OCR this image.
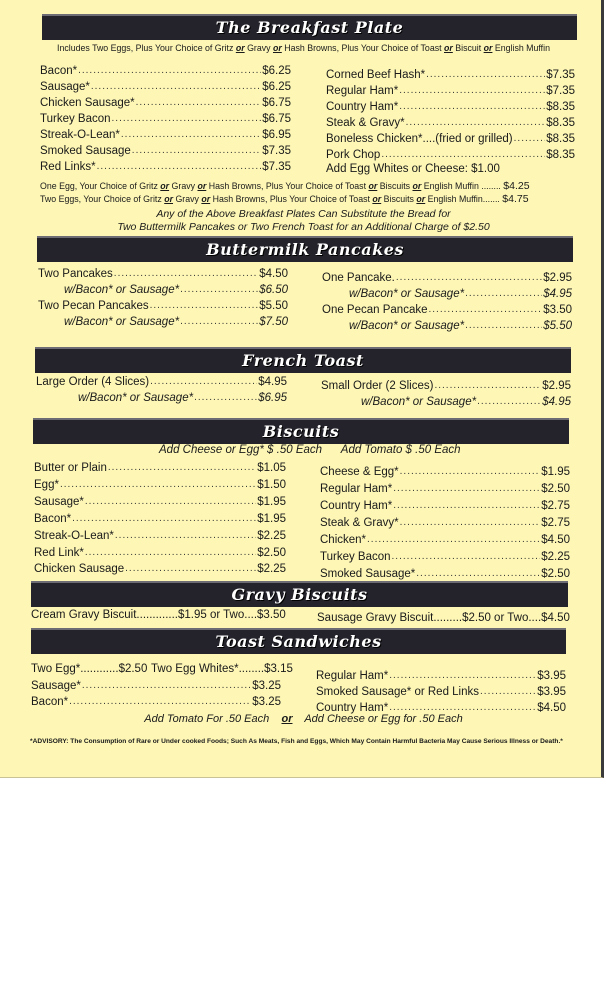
The Breakfast Plate
Includes Two Eggs, Plus Your Choice of Gritz or Gravy or Hash Browns, Plus Your Choice of Toast or Biscuit or English Muffin
Bacon* .....	$6.25
Sausage* .....	$6.25
Chicken Sausage* .....	$6.75
Turkey Bacon .....	$6.75
Streak-O-Lean* .....	$6.95
Smoked Sausage .....	$7.35
Red Links* .....	$7.35
Corned Beef Hash* .....	$7.35
Regular Ham* .....	$7.35
Country Ham* .....	$8.35
Steak & Gravy* .....	$8.35
Boneless Chicken*....(fried or grilled) .....	$8.35
Pork Chop .....	$8.35
Add Egg Whites or Cheese: $1.00
One Egg, Your Choice of Gritz or Gravy or Hash Browns, Plus Your Choice of Toast or Biscuits or English Muffin ........ $4.25
Two Eggs, Your Choice of Gritz or Gravy or Hash Browns, Plus Your Choice of Toast or Biscuits or English Muffin....... $4.75
Any of the Above Breakfast Plates Can Substitute the Bread for
Two Buttermilk Pancakes or Two French Toast for an Additional Charge of $2.50
Buttermilk Pancakes
Two Pancakes .....	$4.50
w/Bacon* or Sausage* .....	$6.50
Two Pecan Pancakes .....	$5.50
w/Bacon* or Sausage* .....	$7.50
One Pancake. .....	$2.95
w/Bacon* or Sausage* .....	$4.95
One Pecan Pancake .....	$3.50
w/Bacon* or Sausage* .....	$5.50
French Toast
Large Order (4 Slices) .....	$4.95
w/Bacon* or Sausage* .....	$6.95
Small Order (2 Slices) .....	$2.95
w/Bacon* or Sausage* .....	$4.95
Biscuits
Add Cheese or Egg* $ .50 Each      Add Tomato $ .50 Each
Butter or Plain .....	$1.05
Egg* .....	$1.50
Sausage* .....	$1.95
Bacon* .....	$1.95
Streak-O-Lean* .....	$2.25
Red Link* .....	$2.50
Chicken Sausage .....	$2.25
Cheese & Egg* .....	$1.95
Regular Ham* .....	$2.50
Country Ham* .....	$2.75
Steak & Gravy* .....	$2.75
Chicken* .....	$4.50
Turkey Bacon .....	$2.25
Smoked Sausage* .....	$2.50
Gravy Biscuits
Cream Gravy Biscuit.............$1.95 or Two....$3.50	Sausage Gravy Biscuit.........$2.50 or Two....$4.50
Toast Sandwiches
Two Egg*............$2.50 Two Egg Whites*........$3.15
Sausage* .....	$3.25
Bacon* .....	$3.25
Regular Ham* .....	$3.95
Smoked Sausage* or Red Links .....	$3.95
Country Ham* .....	$4.50
Add Tomato For .50 Each or Add Cheese or Egg for .50 Each
*ADVISORY: The Consumption of Rare or Under cooked Foods; Such As Meats, Fish and Eggs, Which May Contain Harmful Bacteria May Cause Serious Illness or Death.*
